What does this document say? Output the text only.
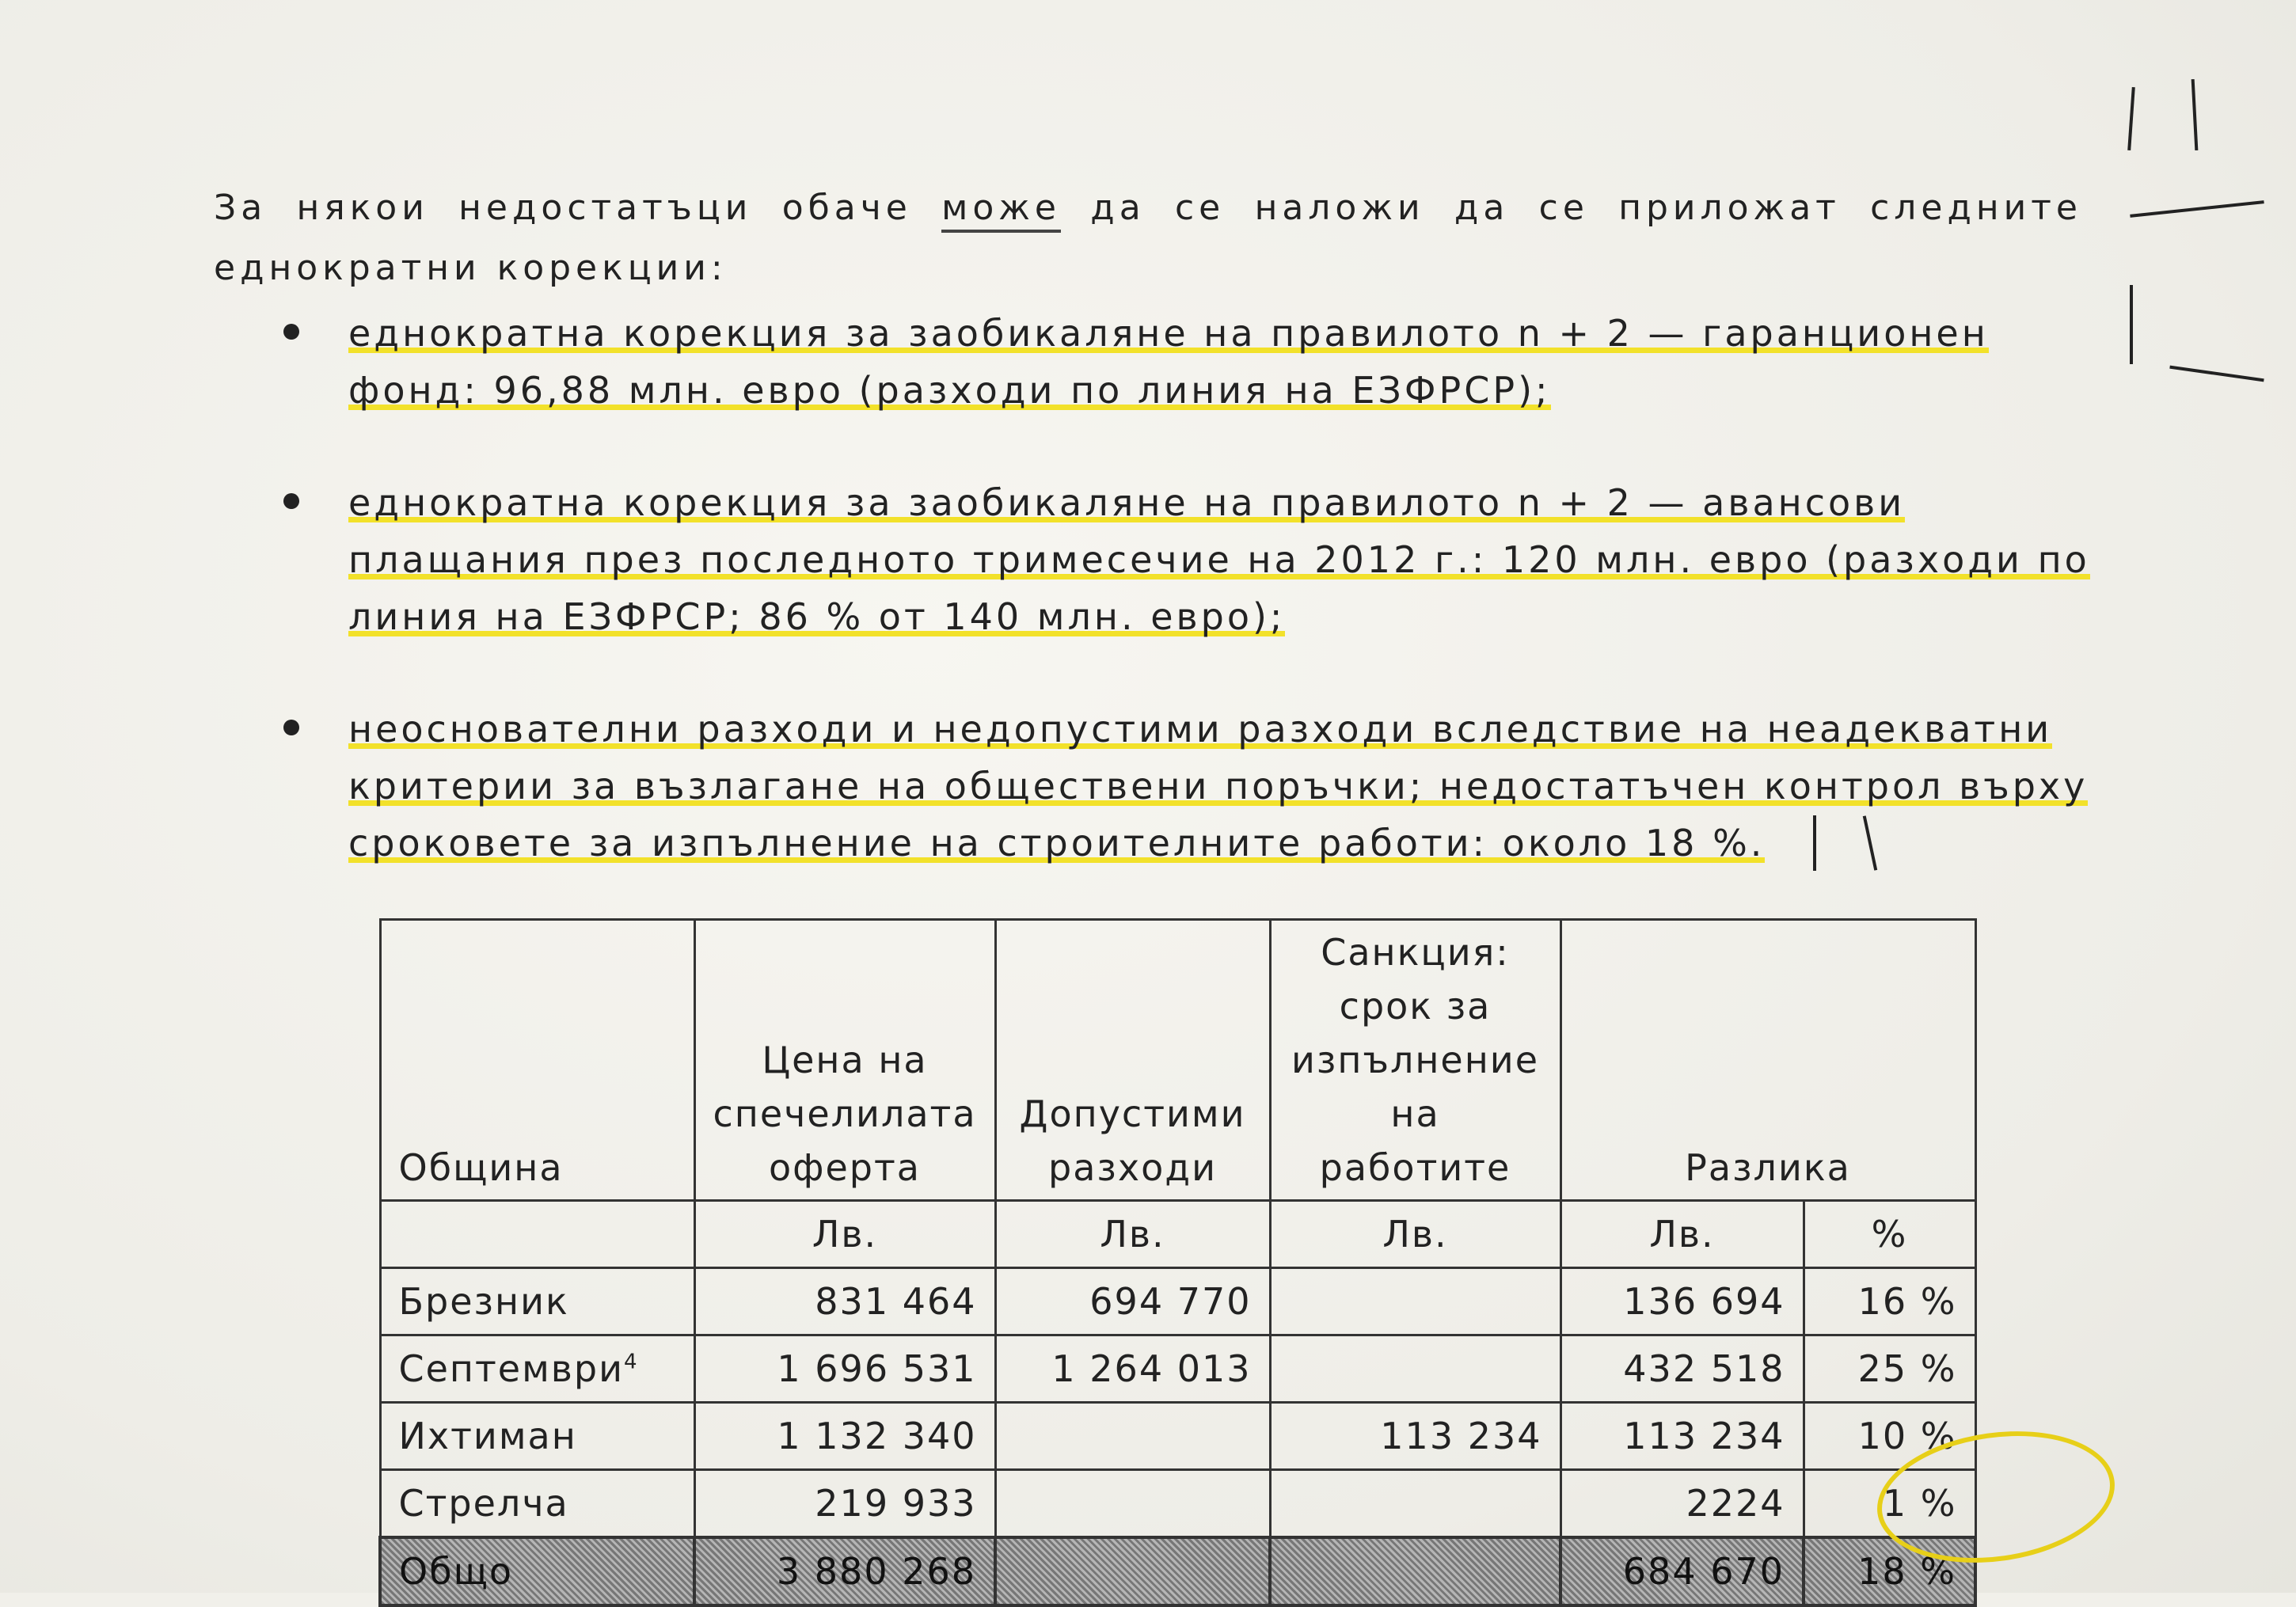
За някои недостатъци обаче може да се наложи да се приложат следните еднократни корекции:
еднократна корекция за заобикаляне на правилото n + 2 — гаранционен фонд: 96,88 млн. евро (разходи по линия на ЕЗФРСР);
еднократна корекция за заобикаляне на правилото n + 2 — авансови плащания през последното тримесечие на 2012 г.: 120 млн. евро (разходи по линия на ЕЗФРСР; 86 % от 140 млн. евро);
неоснователни разходи и недопустими разходи вследствие на неадекватни критерии за възлагане на обществени поръчки; недостатъчен контрол върху сроковете за изпълнение на строителните работи: около 18 %.
Община	Цена на спечелилата оферта	Допустими разходи	Санкция: срок за изпълнение на работите	Разлика	
	Лв.	Лв.	Лв.	Лв.	%
Брезник	831 464	694 770		136 694	16 %
Септември$^4$	1 696 531	1 264 013		432 518	25 %
Ихтиман	1 132 340		113 234	113 234	10 %
Стрелча	219 933			2224	1 %
Общо	3 880 268			684 670	18 %
